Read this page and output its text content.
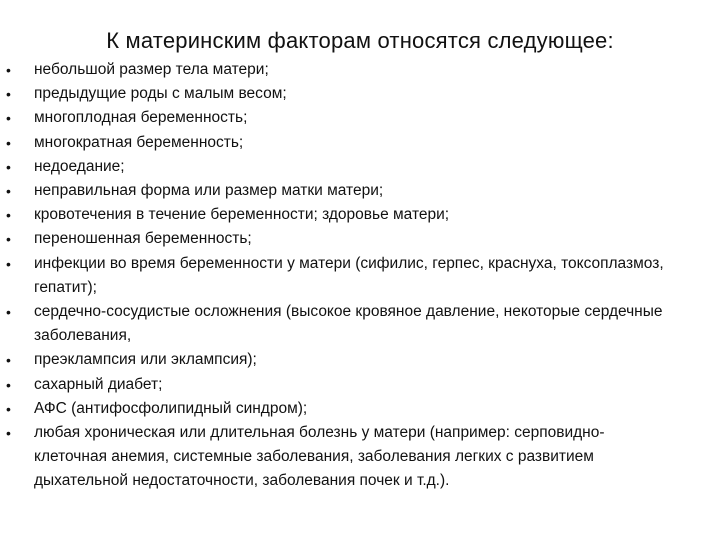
К материнским факторам относятся следующее:
•	небольшой размер тела матери;
•	предыдущие роды с малым весом;
•	многоплодная беременность;
•	многократная беременность;
•	недоедание;
•	неправильная форма или размер матки матери;
•	кровотечения в течение беременности; здоровье матери;
•	переношенная беременность;
•	инфекции во время беременности у матери (сифилис, герпес, краснуха, токсоплазмоз, гепатит);
•	сердечно-сосудистые осложнения (высокое кровяное давление, некоторые сердечные заболевания,
•	преэклампсия или эклампсия);
•	сахарный диабет;
•	АФС (антифосфолипидный синдром);
•	любая хроническая или длительная болезнь у матери (например: серповидно-клеточная анемия, системные заболевания, заболевания легких с развитием дыхательной недостаточности, заболевания почек и т.д.).
